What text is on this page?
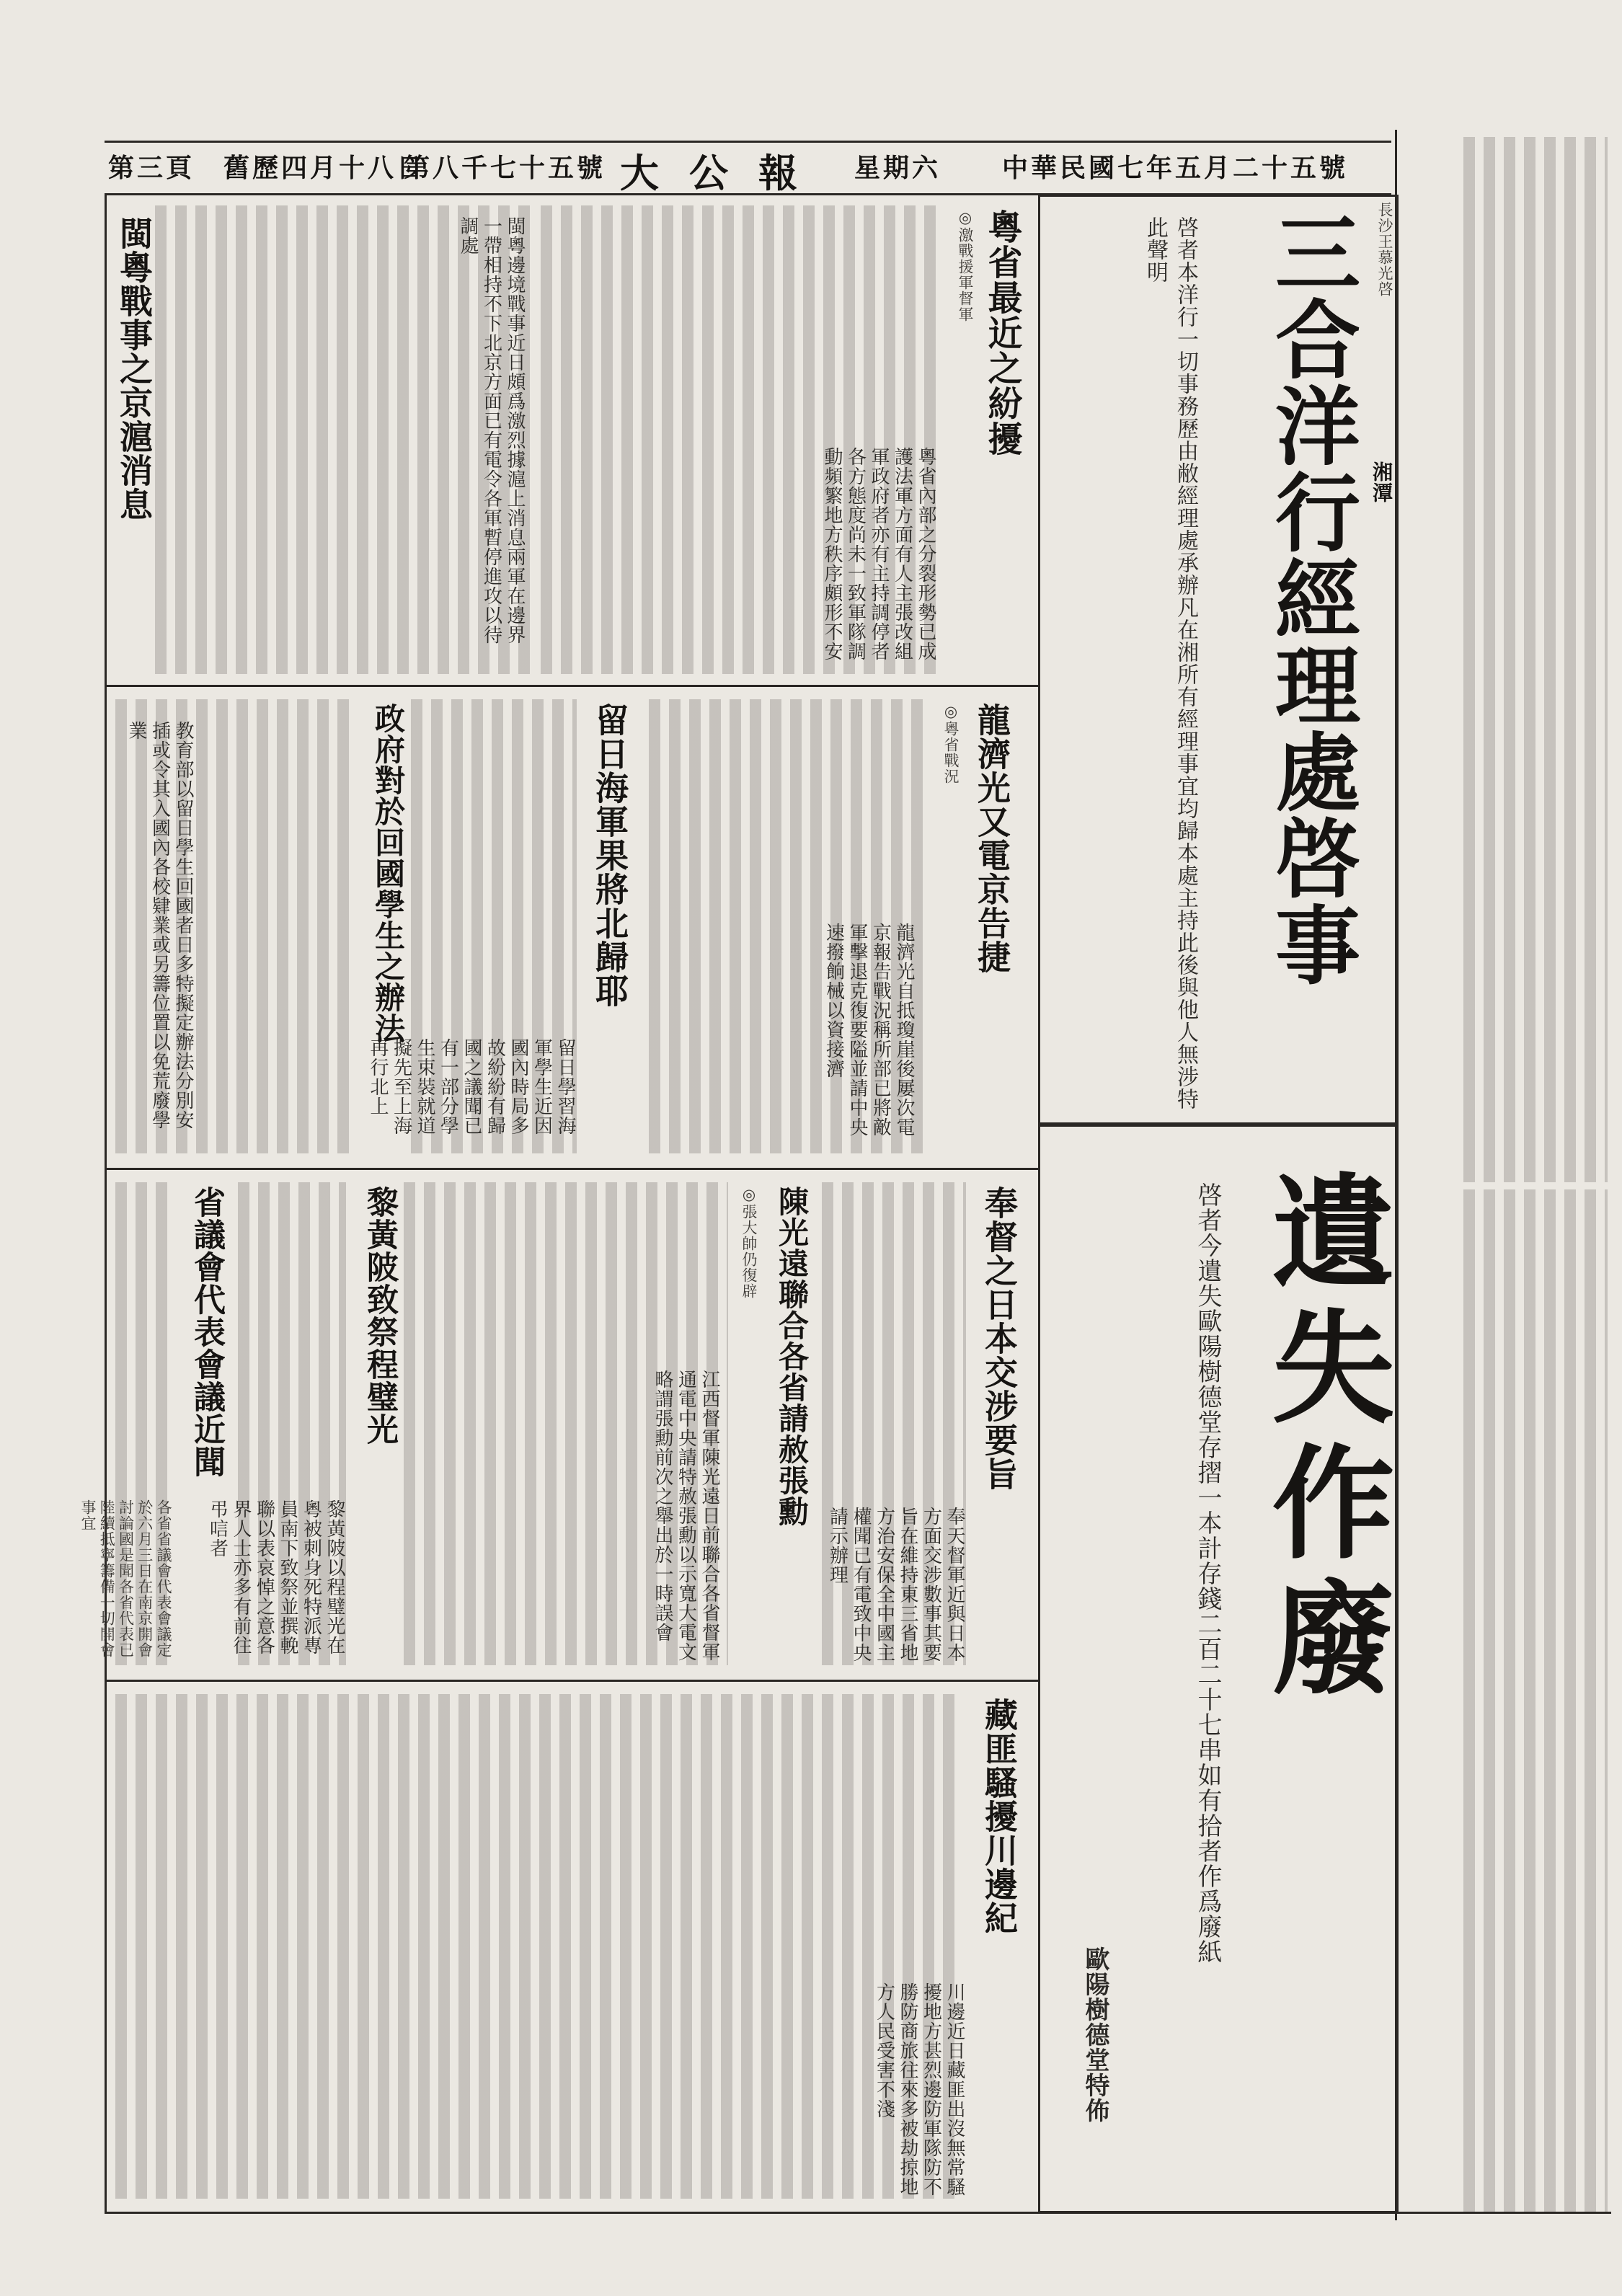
第三頁 舊歷四月十八日
第八千七十五號 大公報 星期六 中華民國七年五月二十五號
長沙王慕光啓
湘潭
三合洋行經理處啓事
啓者本洋行一切事務歷由敝經理處承辦凡在湘所有經理事宜均歸本處主持此後與他人無涉特此聲明
遺失作廢
啓者今遺失歐陽樹德堂存摺一本計存錢二百二十七串如有拾者作爲廢紙
歐陽樹德堂特佈
粵省最近之紛擾
◎激戰援軍督軍
粵省內部之分裂形勢已成護法軍方面有人主張改組軍政府者亦有主持調停者各方態度尚未一致軍隊調動頻繁地方秩序頗形不安
閩粵戰事之京滬消息	閩粵邊境戰事近日頗爲激烈據滬上消息兩軍在邊界一帶相持不下北京方面已有電令各軍暫停進攻以待調處
龍濟光又電京告捷
◎粵省戰況
龍濟光自抵瓊崖後屢次電京報告戰況稱所部已將敵軍擊退克復要隘並請中央速撥餉械以資接濟
留日海軍果將北歸耶
留日學習海軍學生近因國內時局多故紛紛有歸國之議聞已有一部分學生束裝就道擬先至上海再行北上
政府對於回國學生之辦法
教育部以留日學生回國者日多特擬定辦法分別安插或令其入國內各校肄業或另籌位置以免荒廢學業
奉督之日本交涉要旨
奉天督軍近與日本方面交涉數事其要旨在維持東三省地方治安保全中國主權聞已有電致中央請示辦理
陳光遠聯合各省請赦張勳
◎張大帥仍復辟
江西督軍陳光遠日前聯合各省督軍通電中央請特赦張勳以示寬大電文略謂張勳前次之舉出於一時誤會
黎黃陂致祭程璧光
黎黃陂以程璧光在粵被刺身死特派專員南下致祭並撰輓聯以表哀悼之意各界人士亦多有前往弔唁者
省議會代表會議近聞
各省省議會代表會議定於六月三日在南京開會討論國是聞各省代表已陸續抵寧籌備一切開會事宜
藏匪騷擾川邊紀
川邊近日藏匪出沒無常騷擾地方甚烈邊防軍隊防不勝防商旅往來多被劫掠地方人民受害不淺
